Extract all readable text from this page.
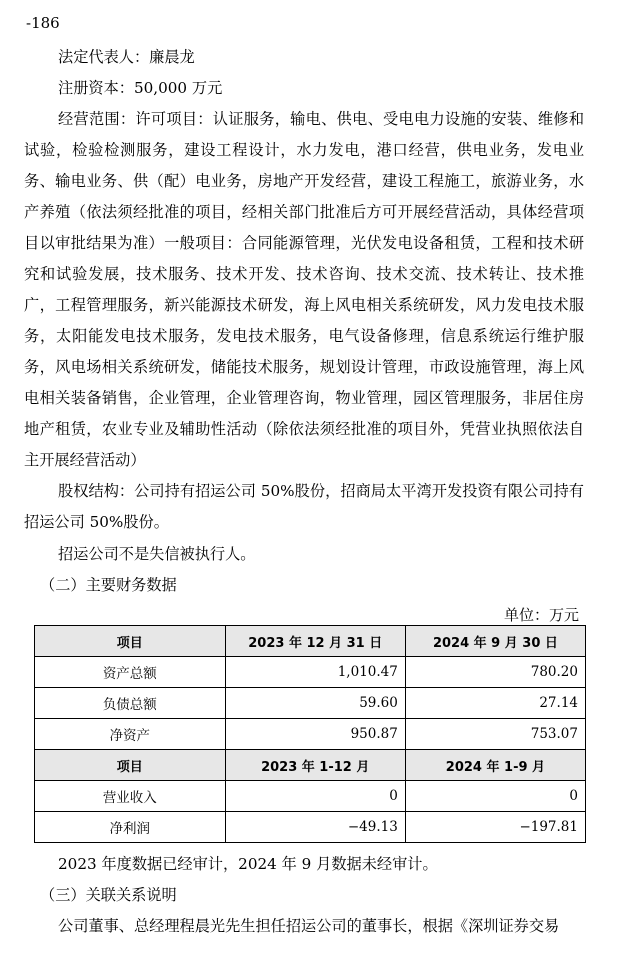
-186

法定代表人：廉晨龙

注册资本：50,000 万元

经营范围：许可项目：认证服务，输电、供电、受电电力设施的安装、维修和试验，检验检测服务，建设工程设计，水力发电，港口经营，供电业务，发电业务、输电业务、供（配）电业务，房地产开发经营，建设工程施工，旅游业务，水产养殖（依法须经批准的项目，经相关部门批准后方可开展经营活动，具体经营项目以审批结果为准）一般项目：合同能源管理，光伏发电设备租赁，工程和技术研究和试验发展，技术服务、技术开发、技术咨询、技术交流、技术转让、技术推广，工程管理服务，新兴能源技术研发，海上风电相关系统研发，风力发电技术服务，太阳能发电技术服务，发电技术服务，电气设备修理，信息系统运行维护服务，风电场相关系统研发，储能技术服务，规划设计管理，市政设施管理，海上风电相关装备销售，企业管理，企业管理咨询，物业管理，园区管理服务，非居住房地产租赁，农业专业及辅助性活动（除依法须经批准的项目外，凭营业执照依法自主开展经营活动）

股权结构：公司持有招运公司 50%股份，招商局太平湾开发投资有限公司持有招运公司 50%股份。

招运公司不是失信被执行人。

（二）主要财务数据

单位：万元
项目	2023 年 12 月 31 日	2024 年 9 月 30 日
资产总额	1,010.47	780.20
负债总额	59.60	27.14
净资产	950.87	753.07
项目	2023 年 1-12 月	2024 年 1-9 月
营业收入	0	0
净利润	−49.13	−197.81

2023 年度数据已经审计，2024 年 9 月数据未经审计。

（三）关联关系说明

公司董事、总经理程晨光先生担任招运公司的董事长，根据《深圳证券交易
